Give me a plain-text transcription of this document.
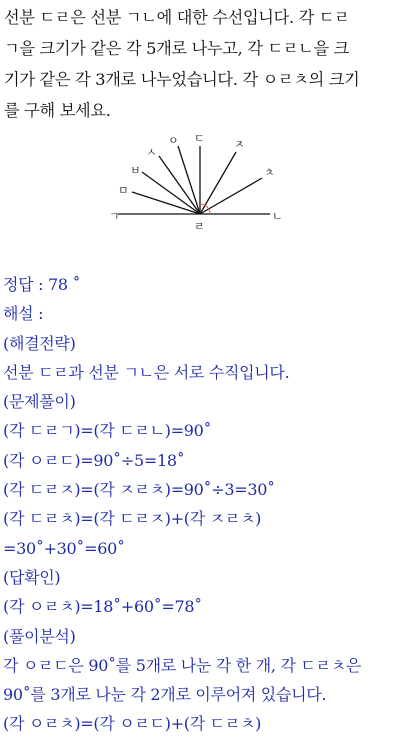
선분 ㄷㄹ은 선분 ㄱㄴ에 대한 수선입니다. 각 ㄷㄹ
ㄱ을 크기가 같은 각 5개로 나누고, 각 ㄷㄹㄴ을 크
기가 같은 각 3개로 나누었습니다. 각 ㅇㄹㅊ의 크기
를 구해 보세요.
ㄱ	ㄴ
ㄷ
ㄹ
ㅁ
ㅂ
ㅅ
ㅇ	ㅈ
ㅊ
정답 : 78 ˚
해설 :
(해결전략)
선분 ㄷㄹ과 선분 ㄱㄴ은 서로 수직입니다.
(문제풀이)
(각 ㄷㄹㄱ)=(각 ㄷㄹㄴ)=90˚
(각 ㅇㄹㄷ)=90˚÷5=18˚
(각 ㄷㄹㅈ)=(각 ㅈㄹㅊ)=90˚÷3=30˚
(각 ㄷㄹㅊ)=(각 ㄷㄹㅈ)+(각 ㅈㄹㅊ)
=30˚+30˚=60˚
(답확인)
(각 ㅇㄹㅊ)=18˚+60˚=78˚
(풀이분석)
각 ㅇㄹㄷ은 90˚를 5개로 나눈 각 한 개, 각 ㄷㄹㅊ은
90˚를 3개로 나눈 각 2개로 이루어져 있습니다.
(각 ㅇㄹㅊ)=(각 ㅇㄹㄷ)+(각 ㄷㄹㅊ)
